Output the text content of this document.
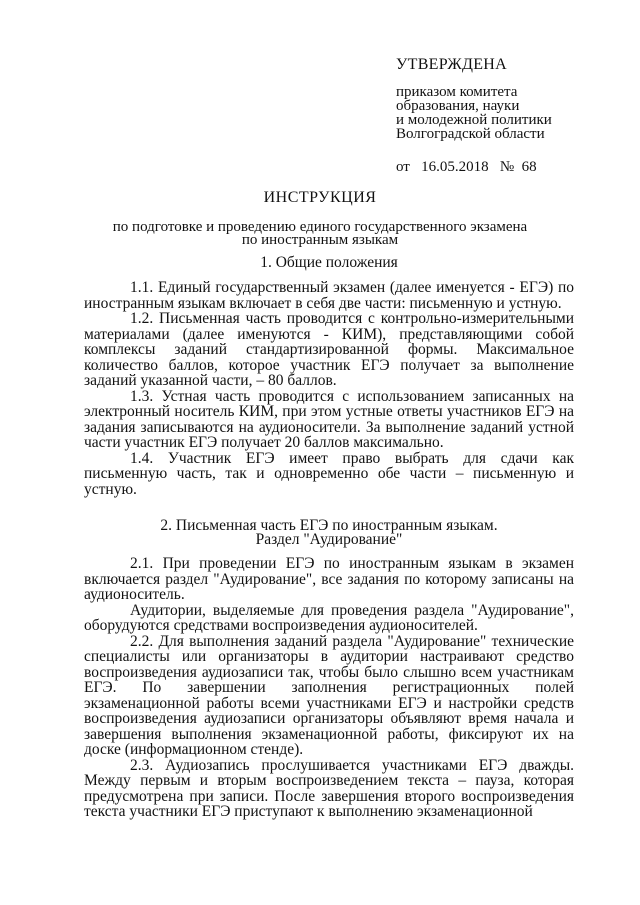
УТВЕРЖДЕНА
приказом комитета
образования, науки
и молодежной политики
Волгоградской области
от   16.05.2018   №  68
ИНСТРУКЦИЯ
по подготовке и проведению единого государственного экзамена
по иностранным языкам
1. Общие положения

1.1. Единый государственный экзамен (далее именуется - ЕГЭ) по иностранным языкам включает в себя две части: письменную и устную.

1.2. Письменная часть проводится с контрольно-измерительными материалами (далее именуются - КИМ), представляющими собой комплексы заданий стандартизированной формы. Максимальное количество баллов, которое участник ЕГЭ получает за выполнение заданий указанной части, – 80 баллов.

1.3. Устная часть проводится с использованием записанных на электронный носитель КИМ, при этом устные ответы участников ЕГЭ на задания записываются на аудионосители. За выполнение заданий устной части участник ЕГЭ получает 20 баллов максимально.

1.4. Участник ЕГЭ имеет право выбрать для сдачи как письменную часть, так и одновременно обе части – письменную и устную.

2. Письменная часть ЕГЭ по иностранным языкам.
Раздел "Аудирование"

2.1. При проведении ЕГЭ по иностранным языкам в экзамен включается раздел "Аудирование", все задания по которому записаны на аудионоситель.

Аудитории, выделяемые для проведения раздела "Аудирование", оборудуются средствами воспроизведения аудионосителей.

2.2. Для выполнения заданий раздела "Аудирование" технические специалисты или организаторы в аудитории настраивают средство воспроизведения аудиозаписи так, чтобы было слышно всем участникам ЕГЭ. По завершении заполнения регистрационных полей экзаменационной работы всеми участниками ЕГЭ и настройки средств воспроизведения аудиозаписи организаторы объявляют время начала и завершения выполнения экзаменационной работы, фиксируют их на доске (информационном стенде).

2.3. Аудиозапись прослушивается участниками ЕГЭ дважды. Между первым и вторым воспроизведением текста – пауза, которая предусмотрена при записи. После завершения второго воспроизведения текста участники ЕГЭ приступают к выполнению экзаменационной
